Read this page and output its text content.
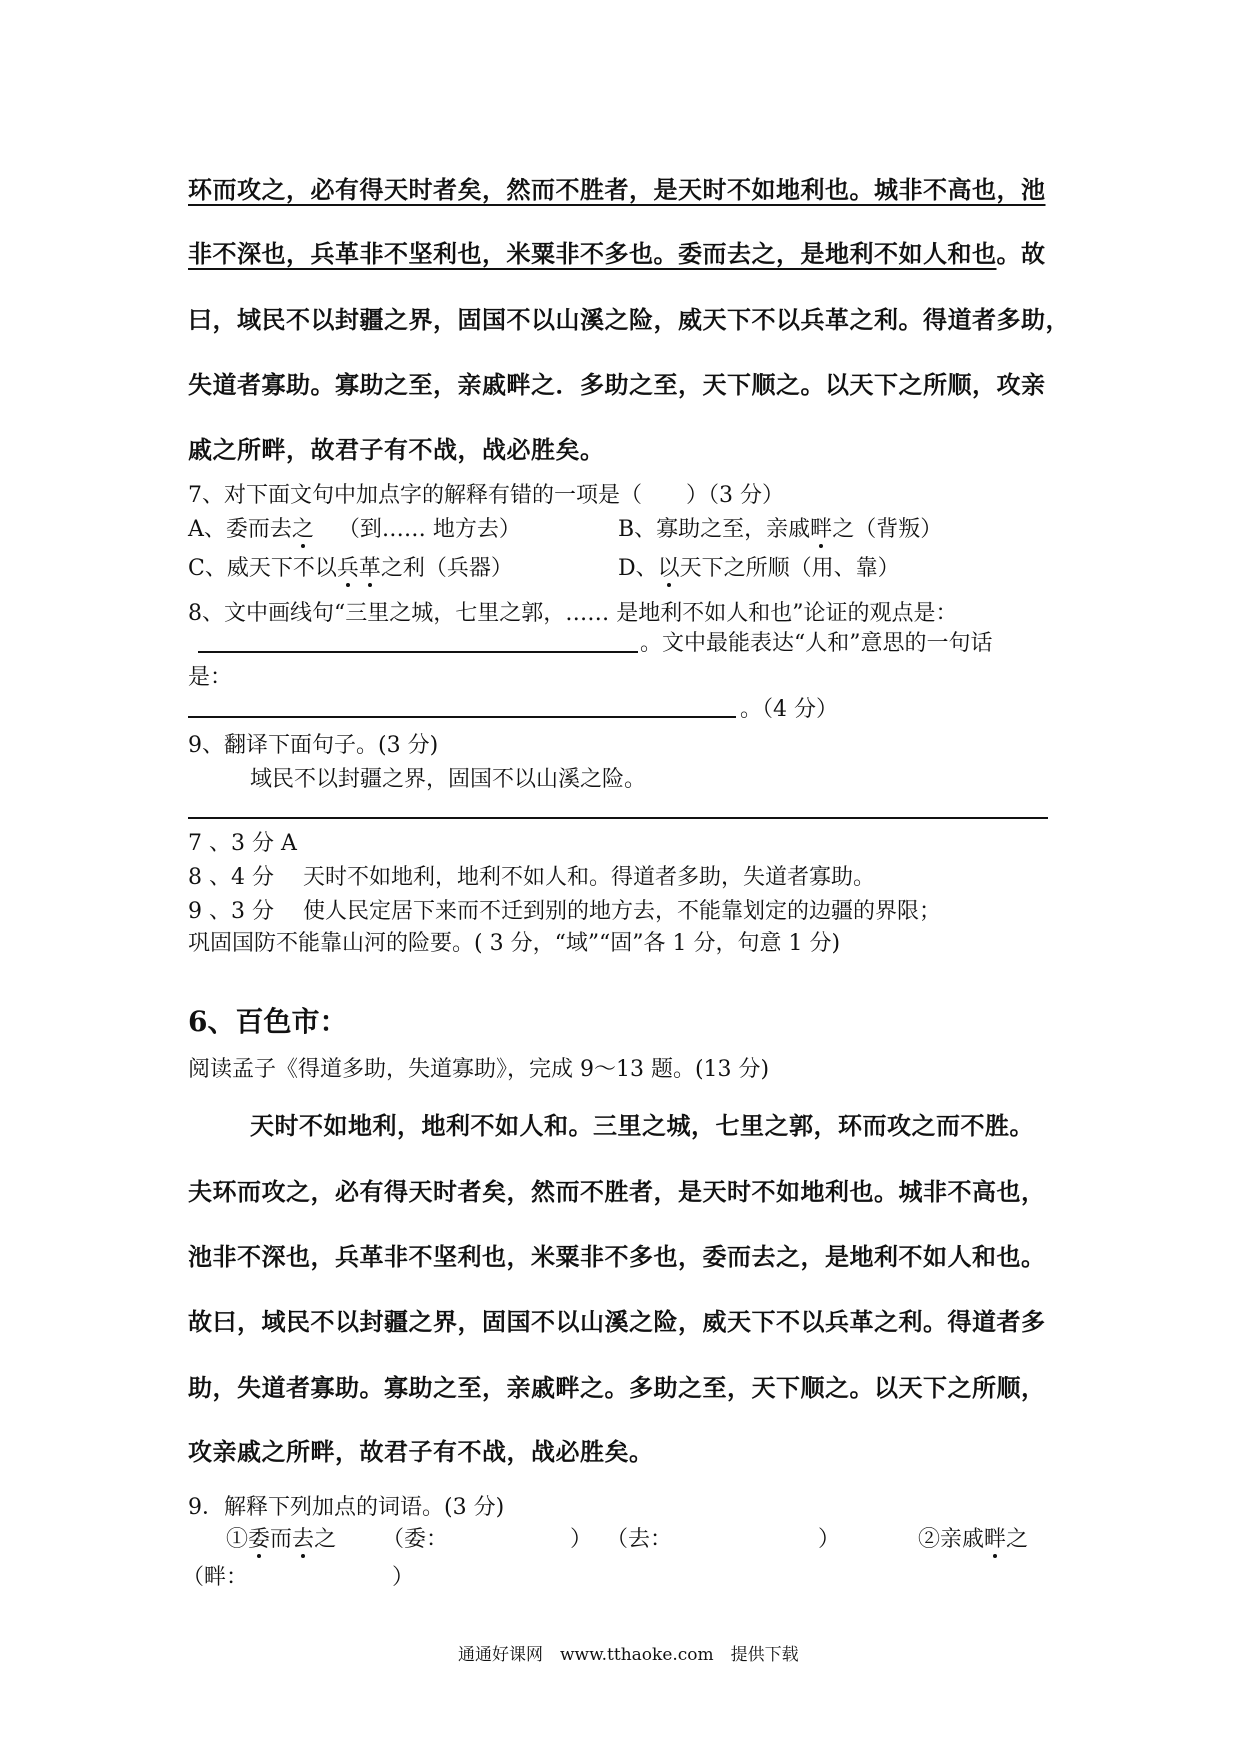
环而攻之，必有得天时者矣，然而不胜者，是天时不如地利也。城非不高也，池
非不深也，兵革非不坚利也，米粟非不多也。委而去之，是地利不如人和也。故
曰，域民不以封疆之界，固国不以山溪之险，威天下不以兵革之利。得道者多助，
失道者寡助。寡助之至，亲戚畔之．多助之至，天下顺之。以天下之所顺，攻亲
戚之所畔，故君子有不战，战必胜矣。
7、对下面文句中加点字的解释有错的一项是（　　）（3 分）
A、委而去之 （到…… 地方去）	B、寡助之至，亲戚畔之（背叛）
C、威天下不以兵革之利（兵器）	D、以天下之所顺（用、靠）
8、文中画线句“三里之城，七里之郭，…… 是地利不如人和也”论证的观点是：
。文中最能表达“人和”意思的一句话
是：
。（4 分）
9、翻译下面句子。(3 分)
域民不以封疆之界，固国不以山溪之险。
7 、3 分 A
8 、4 分　 天时不如地利，地利不如人和。得道者多助，失道者寡助。
9 、3 分　 使人民定居下来而不迁到别的地方去，不能靠划定的边疆的界限；
巩固国防不能靠山河的险要。( 3 分，“域”“固”各 1 分，句意 1 分)
6、百色市：
阅读孟子《得道多助，失道寡助》，完成 9～13 题。(13 分)
天时不如地利，地利不如人和。三里之城，七里之郭，环而攻之而不胜。
夫环而攻之，必有得天时者矣，然而不胜者，是天时不如地利也。城非不高也，
池非不深也，兵革非不坚利也，米粟非不多也，委而去之，是地利不如人和也。
故曰，域民不以封疆之界，固国不以山溪之险，威天下不以兵革之利。得道者多
助，失道者寡助。寡助之至，亲戚畔之。多助之至，天下顺之。以天下之所顺，
攻亲戚之所畔，故君子有不战，战必胜矣。
9．解释下列加点的词语。(3 分)
①委而去之 （委：	） （去：	）	②亲戚畔之
（畔：	）
通通好课网　www.tthaoke.com　提供下载
